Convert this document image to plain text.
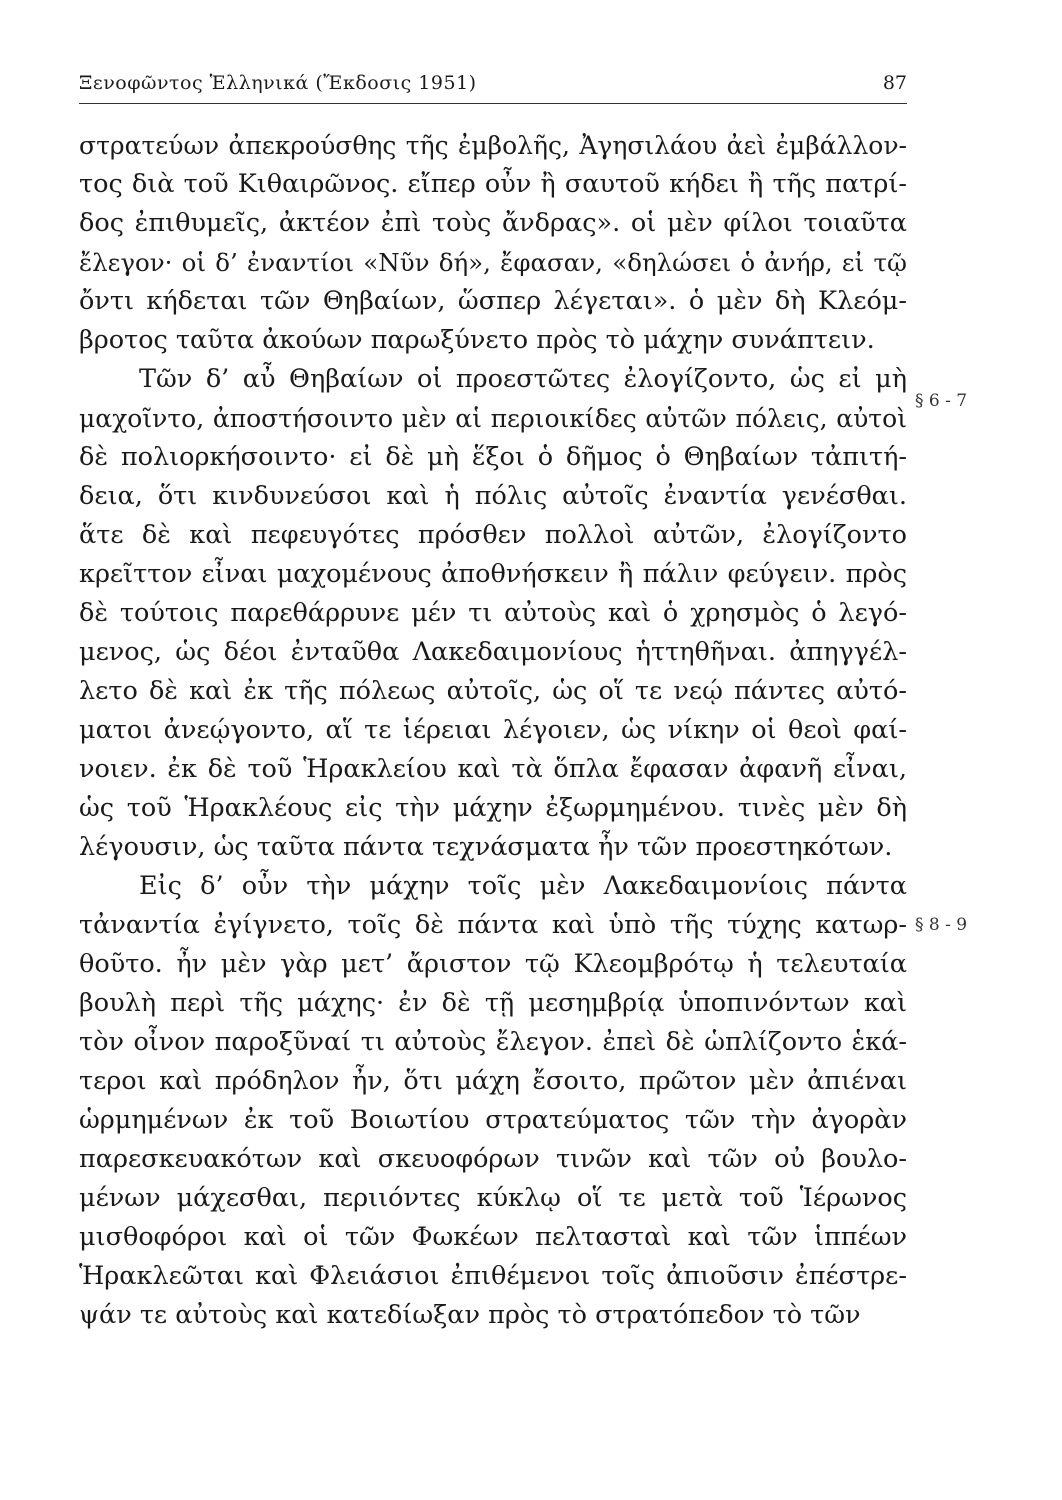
Ξενοφῶντος Ἑλληνικά (Ἔκδοσις 1951)	87
στρατεύων ἀπεκρούσθης τῆς ἐμβολῆς, Ἀγησιλάου ἀεὶ ἐμβάλλον-
τος διὰ τοῦ Κιθαιρῶνος. εἴπερ οὖν ἢ σαυτοῦ κήδει ἢ τῆς πατρί-
δος ἐπιθυμεῖς, ἀκτέον ἐπὶ τοὺς ἄνδρας». οἱ μὲν φίλοι τοιαῦτα
ἔλεγον· οἱ δ’ ἐναντίοι «Νῦν δή», ἔφασαν, «δηλώσει ὁ ἀνήρ, εἰ τῷ
ὄντι κήδεται τῶν Θηβαίων, ὥσπερ λέγεται». ὁ μὲν δὴ Κλεόμ-
βροτος ταῦτα ἀκούων παρωξύνετο πρὸς τὸ μάχην συνάπτειν.
Τῶν δ’ αὖ Θηβαίων οἱ προεστῶτες ἐλογίζοντο, ὡς εἰ μὴ
μαχοῖντο, ἀποστήσοιντο μὲν αἱ περιοικίδες αὐτῶν πόλεις, αὐτοὶ
δὲ πολιορκήσοιντο· εἰ δὲ μὴ ἕξοι ὁ δῆμος ὁ Θηβαίων τἀπιτή-
δεια, ὅτι κινδυνεύσοι καὶ ἡ πόλις αὐτοῖς ἐναντία γενέσθαι.
ἅτε δὲ καὶ πεφευγότες πρόσθεν πολλοὶ αὐτῶν, ἐλογίζοντο
κρεῖττον εἶναι μαχομένους ἀποθνήσκειν ἢ πάλιν φεύγειν. πρὸς
δὲ τούτοις παρεθάρρυνε μέν τι αὐτοὺς καὶ ὁ χρησμὸς ὁ λεγό-
μενος, ὡς δέοι ἐνταῦθα Λακεδαιμονίους ἡττηθῆναι. ἀπηγγέλ-
λετο δὲ καὶ ἐκ τῆς πόλεως αὐτοῖς, ὡς οἵ τε νεῴ πάντες αὐτό-
ματοι ἀνεῴγοντο, αἵ τε ἱέρειαι λέγοιεν, ὡς νίκην οἱ θεοὶ φαί-
νοιεν. ἐκ δὲ τοῦ Ἡρακλείου καὶ τὰ ὅπλα ἔφασαν ἀφανῆ εἶναι,
ὡς τοῦ Ἡρακλέους εἰς τὴν μάχην ἐξωρμημένου. τινὲς μὲν δὴ
λέγουσιν, ὡς ταῦτα πάντα τεχνάσματα ἦν τῶν προεστηκότων.
Εἰς δ’ οὖν τὴν μάχην τοῖς μὲν Λακεδαιμονίοις πάντα
τἀναντία ἐγίγνετο, τοῖς δὲ πάντα καὶ ὑπὸ τῆς τύχης κατωρ-
θοῦτο. ἦν μὲν γὰρ μετ’ ἄριστον τῷ Κλεομβρότῳ ἡ τελευταία
βουλὴ περὶ τῆς μάχης· ἐν δὲ τῇ μεσημβρίᾳ ὑποπινόντων καὶ
τὸν οἶνον παροξῦναί τι αὐτοὺς ἔλεγον. ἐπεὶ δὲ ὡπλίζοντο ἑκά-
τεροι καὶ πρόδηλον ἦν, ὅτι μάχη ἔσοιτο, πρῶτον μὲν ἀπιέναι
ὡρμημένων ἐκ τοῦ Βοιωτίου στρατεύματος τῶν τὴν ἀγορὰν
παρεσκευακότων καὶ σκευοφόρων τινῶν καὶ τῶν οὐ βουλο-
μένων μάχεσθαι, περιιόντες κύκλῳ οἵ τε μετὰ τοῦ Ἱέρωνος
μισθοφόροι καὶ οἱ τῶν Φωκέων πελτασταὶ καὶ τῶν ἱππέων
Ἡρακλεῶται καὶ Φλειάσιοι ἐπιθέμενοι τοῖς ἀπιοῦσιν ἐπέστρε-
ψάν τε αὐτοὺς καὶ κατεδίωξαν πρὸς τὸ στρατόπεδον τὸ τῶν
§ 6 - 7
§ 8 - 9
